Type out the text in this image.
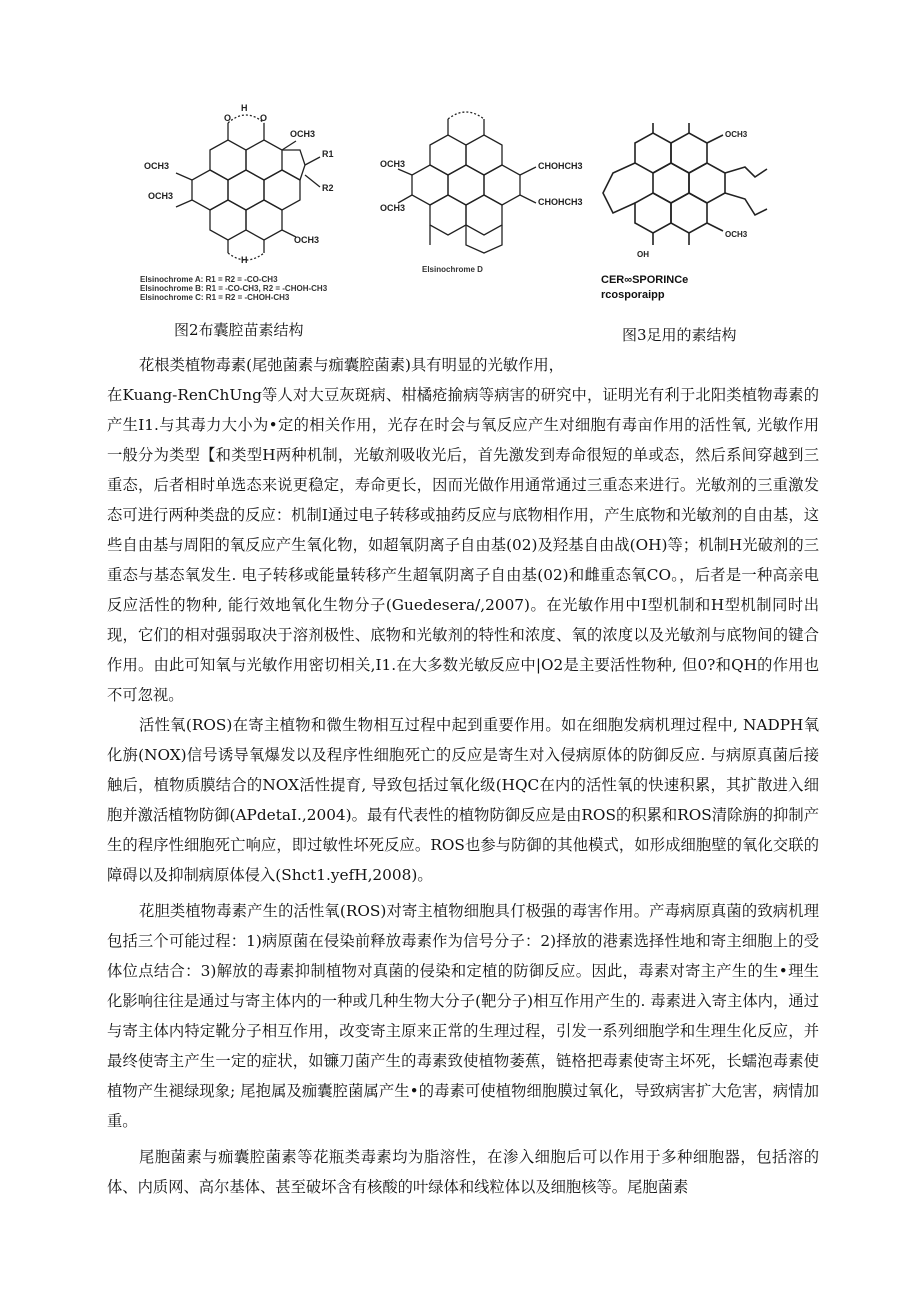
OCH3
OCH3
OCH3
OCH3
R1
R2
H
H
O	O
Elsinochrome A: R1 = R2 = -CO-CH3
Elsinochrome B: R1 = -CO-CH3, R2 = -CHOH-CH3
Elsinochrome C: R1 = R2 = -CHOH-CH3
OCH3
OCH3
CHOHCH3
CHOHCH3
Elsinochrome D
OCH3
OCH3
OH
CER∞SPORINCe
rcosporaipp
图2布囊腔苗素结构	图3足用的素结构

花根类植物毒素(尾弛菌素与痂囊腔菌素)具有明显的光敏作用，

在Kuang-RenChUng等人对大豆灰斑病、柑橘疮揄病等病害的研究中，证明光有利于北阳类植物毒素的产生I1.与其毒力大小为•定的相关作用，光存在时会与氧反应产生对细胞有毒亩作用的活性氧, 光敏作用一般分为类型【和类型H两种机制，光敏剂吸收光后，首先激发到寿命很短的单或态，然后系间穿越到三重态，后者相时单选态来说更稳定，寿命更长，因而光做作用通常通过三重态来进行。光敏剂的三重激发态可进行两种类盘的反应：机制I通过电子转移或抽药反应与底物相作用，产生底物和光敏剂的自由基，这些自由基与周阳的氧反应产生氧化物，如超氧阴离子自由基(02)及羟基自由战(OH)等；机制H光破剂的三重态与基态氧发生. 电子转移或能量转移产生超氧阴离子自由基(02)和雌重态氧CO。，后者是一种高亲电反应活性的物种, 能行效地氧化生物分子(Guedesera/,2007)。在光敏作用中I型机制和H型机制同时出现，它们的相对强弱取决于溶剂极性、底物和光敏剂的特性和浓度、氧的浓度以及光敏剂与底物间的键合作用。由此可知氧与光敏作用密切相关,I1.在大多数光敏反应中|O2是主要活性物种, 但0?和QH的作用也不可忽视。

活性氧(ROS)在寄主植物和微生物相互过程中起到重要作用。如在细胞发病机理过程中, NADPH氧化旃(NOX)信号诱导氧爆发以及程序性细胞死亡的反应是寄生对入侵病原体的防御反应. 与病原真菌后接触后，植物质膜结合的NOX活性提育, 导致包括过氧化级(HQC在内的活性氧的快速积累，其扩散进入细胞并激活植物防御(APdetaI.,2004)。最有代表性的植物防御反应是由ROS的积累和ROS清除旃的抑制产生的程序性细胞死亡响应，即过敏性坏死反应。ROS也参与防御的其他模式，如形成细胞壁的氧化交联的障碍以及抑制病原体侵入(Shct1.yefH,2008)。

花胆类植物毒素产生的活性氧(ROS)对寄主植物细胞具仃极强的毒害作用。产毒病原真菌的致病机理包括三个可能过程：1)病原菌在侵染前释放毒素作为信号分子：2)择放的港素选择性地和寄主细胞上的受体位点结合：3)解放的毒素抑制植物对真菌的侵染和定植的防御反应。因此，毒素对寄主产生的生•理生化影响往往是通过与寄主体内的一种或几种生物大分子(靶分子)相互作用产生的. 毒素进入寄主体内，通过与寄主体内特定靴分子相互作用，改变寄主原来正常的生理过程，引发一系列细胞学和生理生化反应，并最终使寄主产生一定的症状，如镰刀菌产生的毒素致使植物萎蕉，链格把毒素使寄主坏死，长蠕泡毒素使植物产生褪绿现象; 尾抱属及痂囊腔菌属产生•的毒素可使植物细胞膜过氧化，导致病害扩大危害，病情加重。

尾胞菌素与痂囊腔菌素等花瓶类毒素均为脂溶性，在渗入细胞后可以作用于多种细胞器，包括溶的体、内质网、高尔基体、甚至破坏含有核酸的叶绿体和线粒体以及细胞核等。尾胞菌素
